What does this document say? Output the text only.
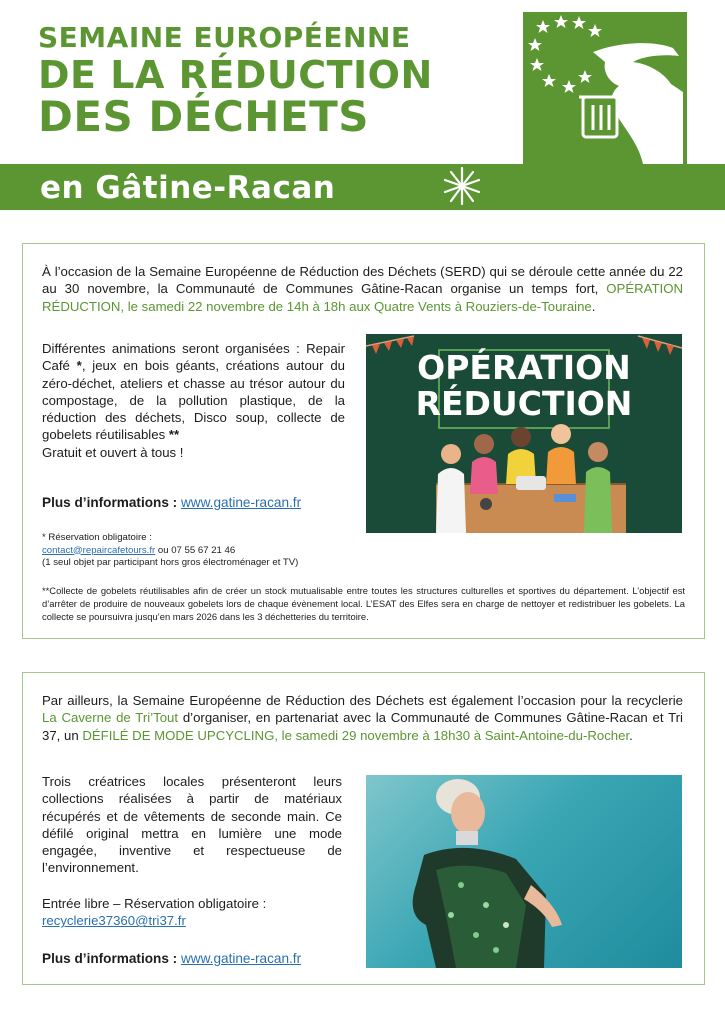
SEMAINE EUROPÉENNE
DE LA RÉDUCTION
DES DÉCHETS
en Gâtine-Racan

À l’occasion de la Semaine Européenne de Réduction des Déchets (SERD) qui se déroule cette année du 22 au 30 novembre, la Communauté de Communes Gâtine-Racan organise un temps fort, OPÉRATION RÉDUCTION, le samedi 22 novembre de 14h à 18h aux Quatre Vents à Rouziers-de-Touraine.

Différentes animations seront organisées : Repair Café *, jeux en bois géants, créations autour du zéro-déchet, ateliers et chasse au trésor autour du compostage, de la pollution plastique, de la réduction des déchets, Disco soup, collecte de gobelets réutilisables **
Gratuit et ouvert à tous !

Plus d’informations : www.gatine-racan.fr

* Réservation obligatoire :
contact@repaircafetours.fr ou 07 55 67 21 46
(1 seul objet par participant hors gros électroménager et TV)

**Collecte de gobelets réutilisables afin de créer un stock mutualisable entre toutes les structures culturelles et sportives du département. L’objectif est d’arrêter de produire de nouveaux gobelets lors de chaque évènement local. L’ESAT des Elfes sera en charge de nettoyer et redistribuer les gobelets. La collecte se poursuivra jusqu’en mars 2026 dans les 3 déchetteries du territoire.

OPÉRATION
RÉDUCTION

Par ailleurs, la Semaine Européenne de Réduction des Déchets est également l’occasion pour la recyclerie La Caverne de Tri’Tout d’organiser, en partenariat avec la Communauté de Communes Gâtine-Racan et Tri 37, un DÉFILÉ DE MODE UPCYCLING, le samedi 29 novembre à 18h30 à Saint-Antoine-du-Rocher.

Trois créatrices locales présenteront leurs collections réalisées à partir de matériaux récupérés et de vêtements de seconde main. Ce défilé original mettra en lumière une mode engagée, inventive et respectueuse de l’environnement.

Entrée libre – Réservation obligatoire :
recyclerie37360@tri37.fr

Plus d’informations : www.gatine-racan.fr
